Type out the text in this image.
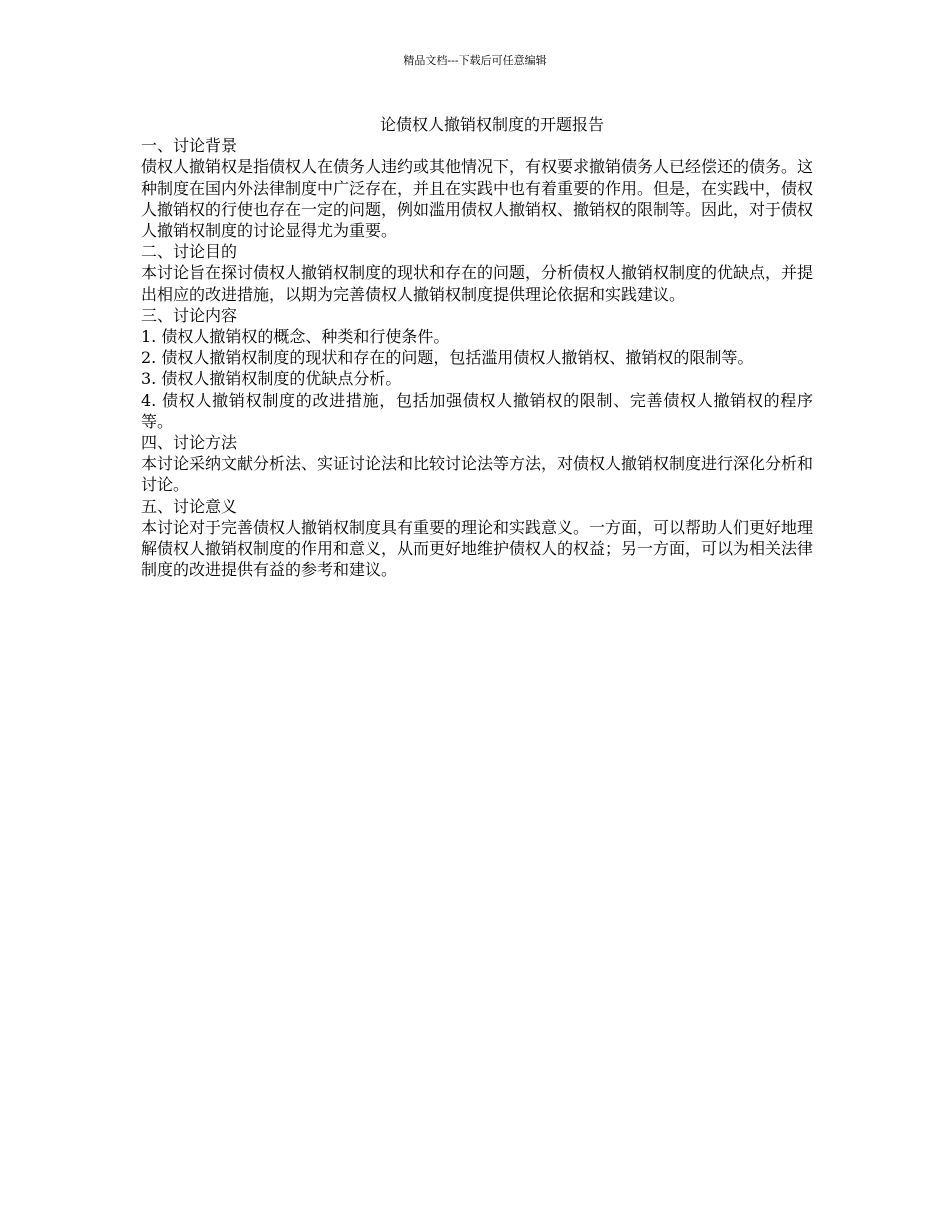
精品文档---下载后可任意编辑
论债权人撤销权制度的开题报告
一、讨论背景

债权人撤销权是指债权人在债务人违约或其他情况下，有权要求撤销债务人已经偿还的债务。这种制度在国内外法律制度中广泛存在，并且在实践中也有着重要的作用。但是，在实践中，债权人撤销权的行使也存在一定的问题，例如滥用债权人撤销权、撤销权的限制等。因此，对于债权人撤销权制度的讨论显得尤为重要。

二、讨论目的

本讨论旨在探讨债权人撤销权制度的现状和存在的问题，分析债权人撤销权制度的优缺点，并提出相应的改进措施，以期为完善债权人撤销权制度提供理论依据和实践建议。

三、讨论内容
1. 债权人撤销权的概念、种类和行使条件。
2. 债权人撤销权制度的现状和存在的问题，包括滥用债权人撤销权、撤销权的限制等。
3. 债权人撤销权制度的优缺点分析。
4. 债权人撤销权制度的改进措施，包括加强债权人撤销权的限制、完善债权人撤销权的程序等。
四、讨论方法

本讨论采纳文献分析法、实证讨论法和比较讨论法等方法，对债权人撤销权制度进行深化分析和讨论。

五、讨论意义

本讨论对于完善债权人撤销权制度具有重要的理论和实践意义。一方面，可以帮助人们更好地理解债权人撤销权制度的作用和意义，从而更好地维护债权人的权益；另一方面，可以为相关法律制度的改进提供有益的参考和建议。
